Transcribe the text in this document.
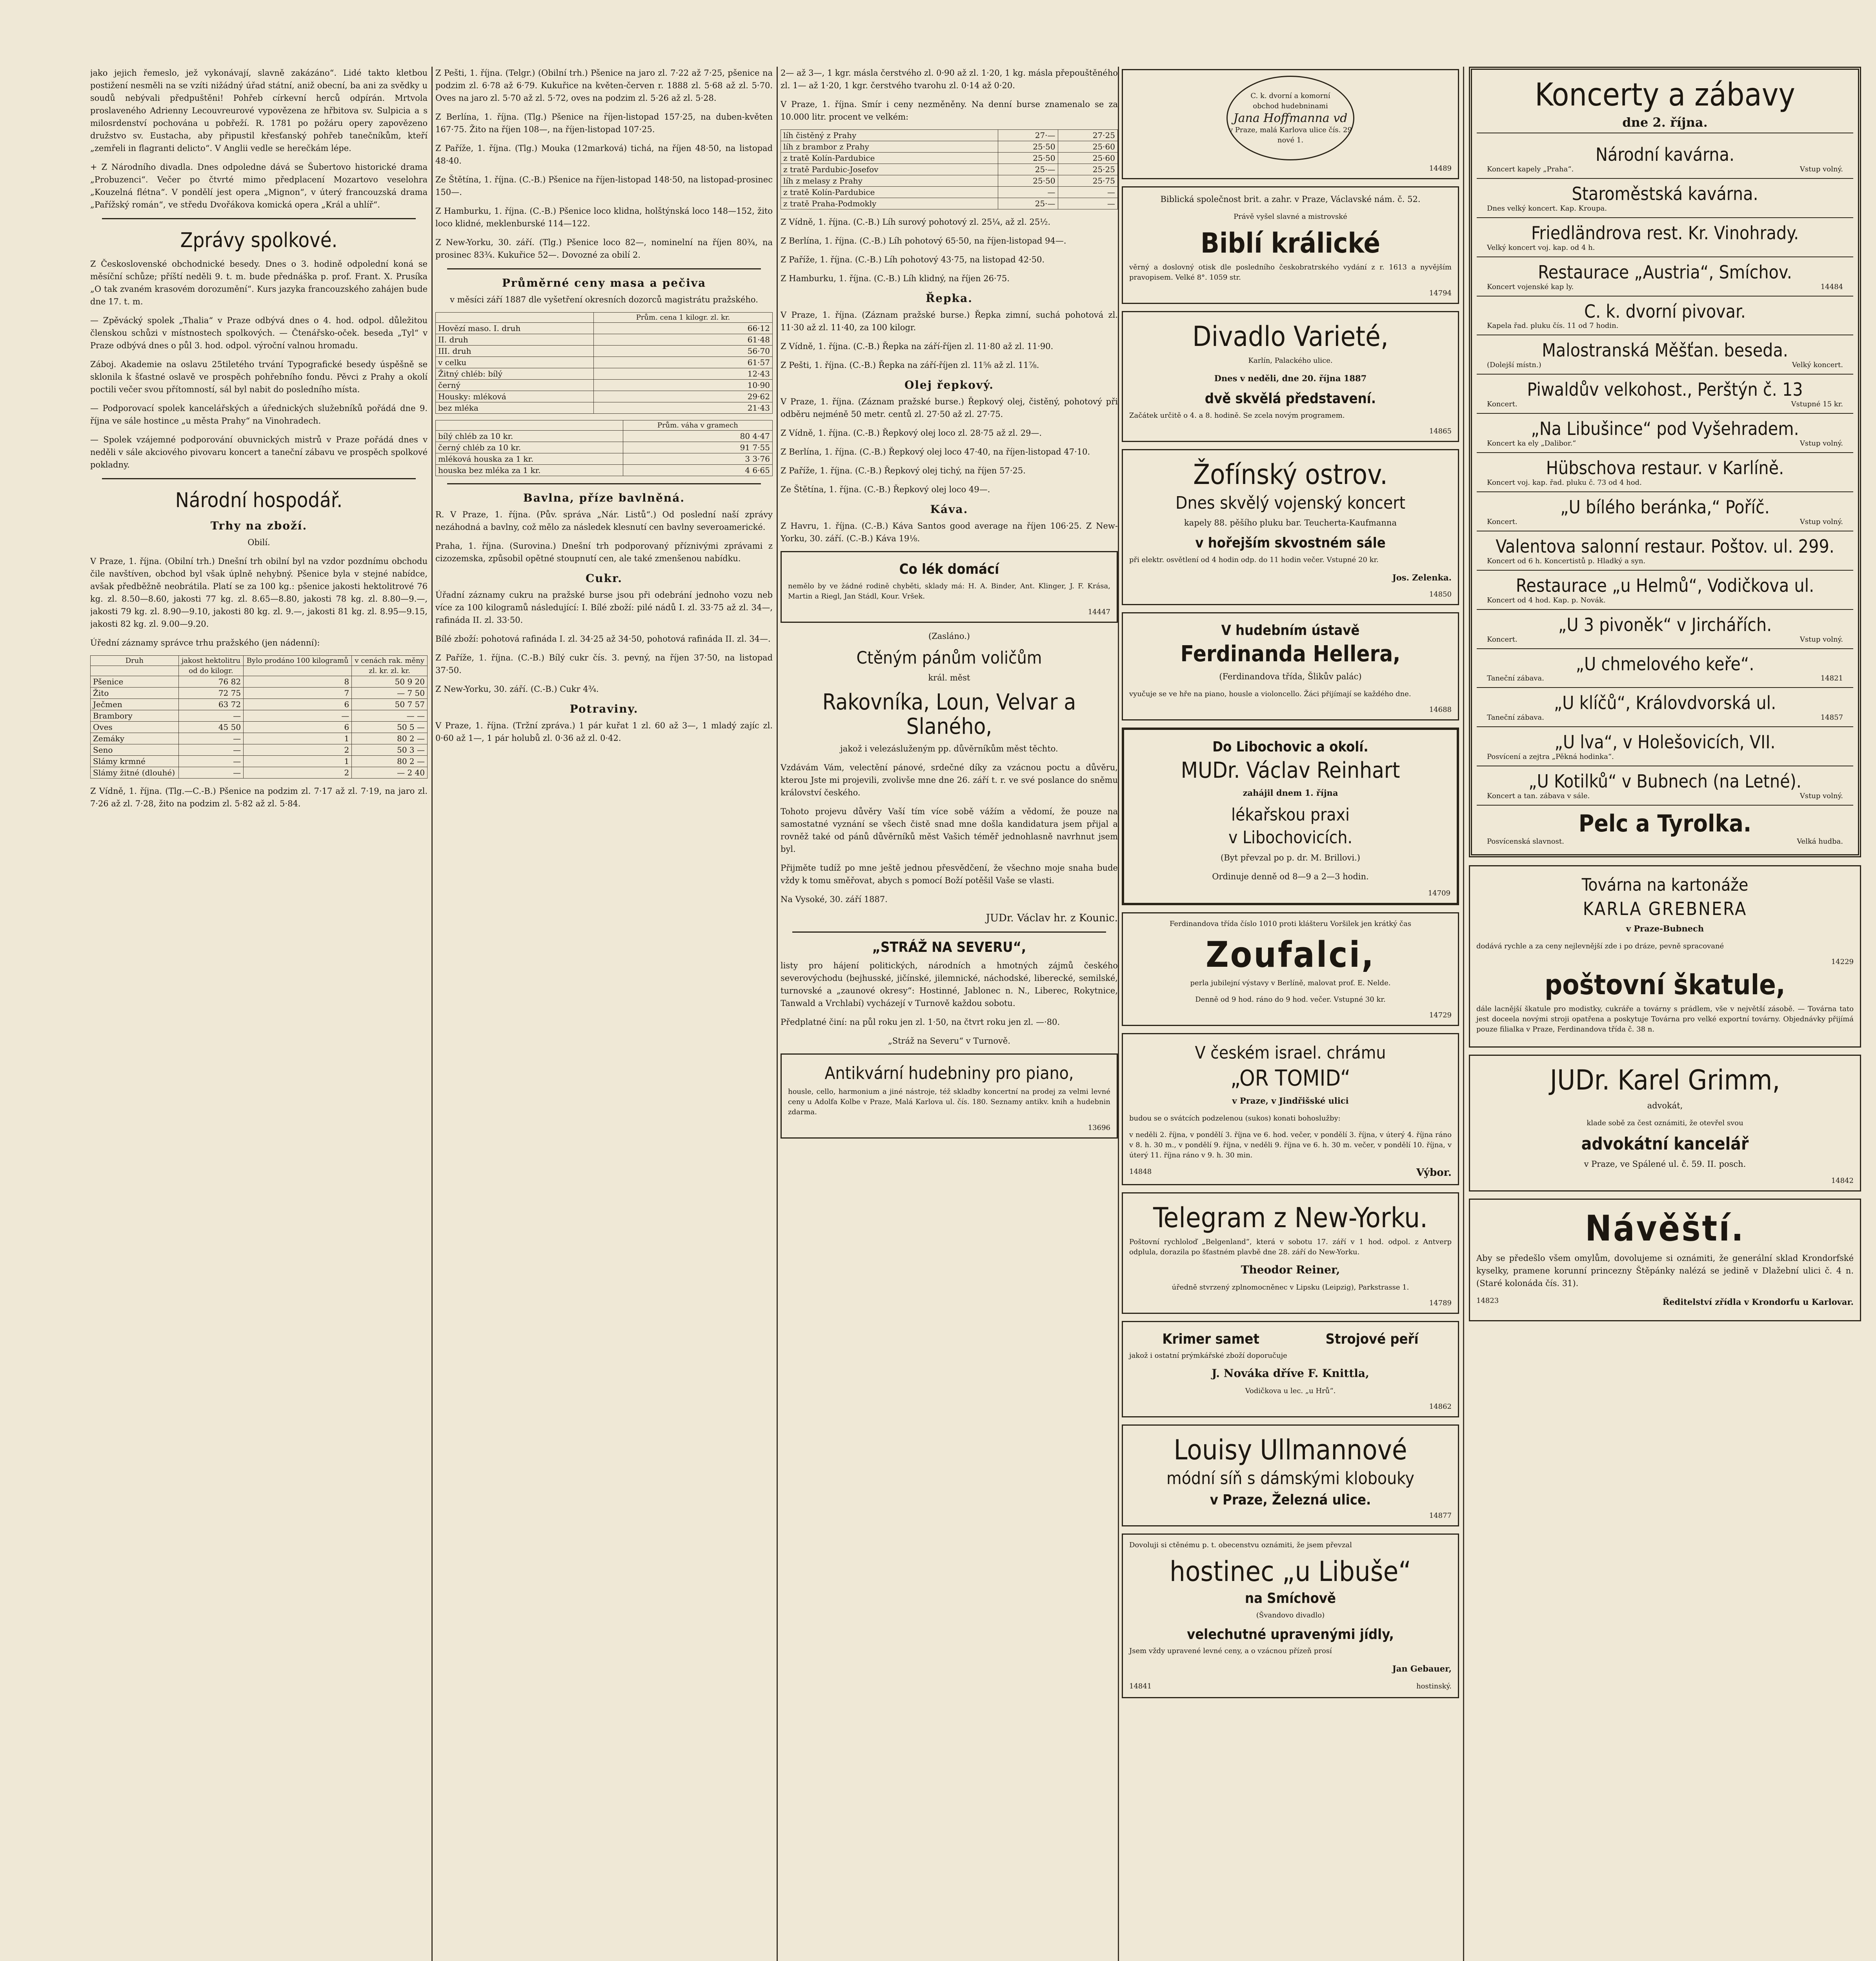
jako jejich řemeslo, jež vykonávají, slavně zakázáno“. Lidé takto kletbou postižení nesměli na se vzíti nižádný úřad státní, aniž obecní, ba ani za svědky u soudů nebývali předpuštěni! Pohřeb církevní herců odpírán. Mrtvola proslaveného Adrienny Lecouvreurové vypovězena ze hřbitova sv. Sulpicia a s milosrdenství pochována u pobřeží. R. 1781 po požáru opery zapovězeno družstvo sv. Eustacha, aby připustil křesťanský pohřeb tanečníkům, kteří „zemřeli in flagranti delicto“. V Anglii vedle se herečkám lépe.

+ Z Národního divadla. Dnes odpoledne dává se Šubertovo historické drama „Probuzenci“. Večer po čtvrté mimo předplacení Mozartovo veselohra „Kouzelná flétna“. V pondělí jest opera „Mignon“, v úterý francouzská drama „Pařížský román“, ve středu Dvořákova komická opera „Král a uhlíř“.

Zprávy spolkové.

Z Československé obchodnické besedy. Dnes o 3. hodině odpolední koná se měsíční schůze; příští neděli 9. t. m. bude přednáška p. prof. Frant. X. Prusíka „O tak zvaném krasovém dorozumění“. Kurs jazyka francouzského zahájen bude dne 17. t. m.

— Zpěvácký spolek „Thalia“ v Praze odbývá dnes o 4. hod. odpol. důležitou členskou schůzi v místnostech spolkových. — Čtenářsko-oček. beseda „Tyl“ v Praze odbývá dnes o půl 3. hod. odpol. výroční valnou hromadu.

Záboj. Akademie na oslavu 25tiletého trvání Typografické besedy úspěšně se sklonila k šťastné oslavě ve prospěch pohřebního fondu. Pěvci z Prahy a okolí poctili večer svou přítomností, sál byl nabit do posledního místa.

— Podporovací spolek kancelářských a úřednických služebníků pořádá dne 9. října ve sále hostince „u města Prahy“ na Vinohradech.

— Spolek vzájemné podporování obuvnických mistrů v Praze pořádá dnes v neděli v sále akciového pivovaru koncert a taneční zábavu ve prospěch spolkové pokladny.

Národní hospodář.
Trhy na zboží.

Obilí.

V Praze, 1. října. (Obilní trh.) Dnešní trh obilní byl na vzdor pozdnímu obchodu čile navštíven, obchod byl však úplně nehybný. Pšenice byla v stejné nabídce, avšak předběžně neobrátila. Platí se za 100 kg.: pšenice jakosti hektolitrové 76 kg. zl. 8.50—8.60, jakosti 77 kg. zl. 8.65—8.80, jakosti 78 kg. zl. 8.80—9.—, jakosti 79 kg. zl. 8.90—9.10, jakosti 80 kg. zl. 9.—, jakosti 81 kg. zl. 8.95—9.15, jakosti 82 kg. zl. 9.00—9.20.

Úřední záznamy správce trhu pražského (jen nádenní):

Druh	jakost hektolitru	Bylo prodáno 100 kilogramů	v cenách rak. měny
	od do kilogr.		zl. kr. zl. kr.
Pšenice	76 82	8	50 9 20
Žito	72 75	7	— 7 50
Ječmen	63 72	6	50 7 57
Brambory	—	—	— —
Oves	45 50	6	50 5 —
Zemáky	—	1	80 2 —
Seno	—	2	50 3 —
Slámy krmné	—	1	80 2 —
Slámy žitné (dlouhé)	—	2	— 2 40

Z Vídně, 1. října. (Tlg.—C.-B.) Pšenice na podzim zl. 7·17 až zl. 7·19, na jaro zl. 7·26 až zl. 7·28, žito na podzim zl. 5·82 až zl. 5·84.

Z Pešti, 1. října. (Telgr.) (Obilní trh.) Pšenice na jaro zl. 7·22 až 7·25, pšenice na podzim zl. 6·78 až 6·79. Kukuřice na květen-červen r. 1888 zl. 5·68 až zl. 5·70. Oves na jaro zl. 5·70 až zl. 5·72, oves na podzim zl. 5·26 až zl. 5·28.

Z Berlína, 1. října. (Tlg.) Pšenice na říjen-listopad 157·25, na duben-květen 167·75. Žito na říjen 108—, na říjen-listopad 107·25.

Z Paříže, 1. října. (Tlg.) Mouka (12marková) tichá, na říjen 48·50, na listopad 48·40.

Ze Štětína, 1. října. (C.-B.) Pšenice na říjen-listopad 148·50, na listopad-prosinec 150—.

Z Hamburku, 1. října. (C.-B.) Pšenice loco klidna, holštýnská loco 148—152, žito loco klidné, meklenburské 114—122.

Z New-Yorku, 30. září. (Tlg.) Pšenice loco 82—, nominelní na říjen 80¾, na prosinec 83¾. Kukuřice 52—. Dovozné za obilí 2.

Průměrné ceny masa a pečiva

v měsíci září 1887 dle vyšetření okresních dozorců magistrátu pražského.

	Prům. cena 1 kilogr. zl. kr.
Hovězí maso. I. druh	66·12
II. druh	61·48
III. druh	56·70
v celku	61·57
Žitný chléb: bílý	12·43
černý	10·90
Housky: mléková	29·62
bez mléka	21·43
	Prům. váha v gramech
bílý chléb za 10 kr.	80 4·47
černý chléb za 10 kr.	91 7·55
mléková houska za 1 kr.	3 3·76
houska bez mléka za 1 kr.	4 6·65
Bavlna, příze bavlněná.

R. V Praze, 1. října. (Pův. správa „Nár. Listů“.) Od poslední naší zprávy nezáhodná a bavlny, což mělo za následek klesnutí cen bavlny severoamerické.

Praha, 1. října. (Surovina.) Dnešní trh podporovaný příznivými zprávami z cizozemska, způsobil opětné stoupnutí cen, ale také zmenšenou nabídku.

Cukr.

Úřadní záznamy cukru na pražské burse jsou při odebrání jednoho vozu neb více za 100 kilogramů následující: I. Bílé zboží: pilé nádů I. zl. 33·75 až zl. 34—, rafináda II. zl. 33·50.

Bílé zboží: pohotová rafináda I. zl. 34·25 až 34·50, pohotová rafináda II. zl. 34—.

Z Paříže, 1. října. (C.-B.) Bílý cukr čís. 3. pevný, na říjen 37·50, na listopad 37·50.

Z New-Yorku, 30. září. (C.-B.) Cukr 4¾.

Potraviny.

V Praze, 1. října. (Tržní zpráva.) 1 pár kuřat 1 zl. 60 až 3—, 1 mladý zajíc zl. 0·60 až 1—, 1 pár holubů zl. 0·36 až zl. 0·42.

2— až 3—, 1 kgr. másla čerstvého zl. 0·90 až zl. 1·20, 1 kg. másla přepouštěného zl. 1— až 1·20, 1 kgr. čerstvého tvarohu zl. 0·14 až 0·20.

V Praze, 1. října. Smír i ceny nezměněny. Na denní burse znamenalo se za 10.000 litr. procent ve velkém:

líh čistěný z Prahy	27·—	27·25
líh z brambor z Prahy	25·50	25·60
z tratě Kolín-Pardubice	25·50	25·60
z tratě Pardubic-Josefov	25·—	25·25
líh z melasy z Prahy	25·50	25·75
z tratě Kolín-Pardubice	—	—
z tratě Praha-Podmokly	25·—	—

Z Vídně, 1. října. (C.-B.) Líh surový pohotový zl. 25¼, až zl. 25½.

Z Berlína, 1. října. (C.-B.) Líh pohotový 65·50, na říjen-listopad 94—.

Z Paříže, 1. října. (C.-B.) Líh pohotový 43·75, na listopad 42·50.

Z Hamburku, 1. října. (C.-B.) Líh klidný, na říjen 26·75.

Řepka.

V Praze, 1. října. (Záznam pražské burse.) Řepka zimní, suchá pohotová zl. 11·30 až zl. 11·40, za 100 kilogr.

Z Vídně, 1. října. (C.-B.) Řepka na září-říjen zl. 11·80 až zl. 11·90.

Z Pešti, 1. října. (C.-B.) Řepka na září-říjen zl. 11⅝ až zl. 11⅞.

Olej řepkový.

V Praze, 1. října. (Záznam pražské burse.) Řepkový olej, čistěný, pohotový při odběru nejméně 50 metr. centů zl. 27·50 až zl. 27·75.

Z Vídně, 1. října. (C.-B.) Řepkový olej loco zl. 28·75 až zl. 29—.

Z Berlína, 1. října. (C.-B.) Řepkový olej loco 47·40, na říjen-listopad 47·10.

Z Paříže, 1. října. (C.-B.) Řepkový olej tichý, na říjen 57·25.

Ze Štětína, 1. října. (C.-B.) Řepkový olej loco 49—.

Káva.

Z Havru, 1. října. (C.-B.) Káva Santos good average na říjen 106·25. Z New-Yorku, 30. září. (C.-B.) Káva 19⅛.

Co lék domácí

nemělo by ve žádné rodině chyběti, sklady má: H. A. Binder, Ant. Klinger, J. F. Krása, Martin a Riegl, Jan Stádl, Kour. Vršek.

14447

(Zasláno.)

Ctěným pánům voličům

král. měst

Rakovníka, Loun, Velvar a Slaného,

jakož i velezásluženým pp. důvěrníkům měst těchto.

Vzdávám Vám, velectění pánové, srdečné díky za vzácnou poctu a důvěru, kterou Jste mi projevili, zvolivše mne dne 26. září t. r. ve své poslance do sněmu království českého.

Tohoto projevu důvěry Vaší tím více sobě vážím a vědomí, že pouze na samostatné vyznání se všech čistě snad mne došla kandidatura jsem přijal a rovněž také od pánů důvěrníků měst Vašich téměř jednohlasně navrhnut jsem byl.

Přijměte tudíž po mne ještě jednou přesvědčení, že všechno moje snaha bude vždy k tomu směřovat, abych s pomocí Boží potěšil Vaše se vlasti.

Na Vysoké, 30. září 1887.

JUDr. Václav hr. z Kounic.

„STRÁŽ NA SEVERU“,

listy pro hájení politických, národních a hmotných zájmů českého severovýchodu (bejhusské, jičínské, jilemnické, náchodské, liberecké, semilské, turnovské a „zaunové okresy“: Hostinné, Jablonec n. N., Liberec, Rokytnice, Tanwald a Vrchlabí) vycházejí v Turnově každou sobotu.

Předplatné činí: na půl roku jen zl. 1·50, na čtvrt roku jen zl. —·80.

„Stráž na Severu“ v Turnově.

Antikvární hudebniny pro piano,

housle, cello, harmonium a jiné nástroje, též skladby koncertní na prodej za velmi levné ceny u Adolfa Kolbe v Praze, Malá Karlova ul. čís. 180. Seznamy antikv. knih a hudebnin zdarma.

13696
C. k. dvorní a komorní
obchod hudebninami
Jana Hoffmanna vd
v Praze, malá Karlova ulice čís. 29 nové 1.
14489

Biblická společnost brit. a zahr. v Praze, Václavské nám. č. 52.

Právě vyšel slavné a mistrovské

Biblí králické

věrný a doslovný otisk dle posledního českobratrského vydání z r. 1613 a nyvějším pravopisem. Velké 8°. 1059 str.

14794
Divadlo Varieté,

Karlín, Palackého ulice.

Dnes v neděli, dne 20. října 1887

dvě skvělá představení.

Začátek určitě o 4. a 8. hodině. Se zcela novým programem.

14865
Žofínský ostrov.
Dnes skvělý vojenský koncert

kapely 88. pěšího pluku bar. Teucherta-Kaufmanna

v hořejším skvostném sále

při elektr. osvětlení od 4 hodin odp. do 11 hodin večer. Vstupné 20 kr.

Jos. Zelenka.

14850
V hudebním ústavě
Ferdinanda Hellera,

(Ferdinandova třída, Šlikův palác)

vyučuje se ve hře na piano, housle a violoncello. Žáci přijímají se každého dne.

14688
Do Libochovic a okolí.
MUDr. Václav Reinhart

zahájil dnem 1. října

lékařskou praxi
v Libochovicích.

(Byt převzal po p. dr. M. Brillovi.)

Ordinuje denně od 8—9 a 2—3 hodin.

14709

Ferdinandova třída číslo 1010 proti klášteru Voršilek jen krátký čas

Zoufalci,

perla jubilejní výstavy v Berlíně, malovat prof. E. Nelde.

Denně od 9 hod. ráno do 9 hod. večer. Vstupné 30 kr.

14729
V českém israel. chrámu
„OR TOMID“

v Praze, v Jindřišské ulici

budou se o svátcích podzelenou (sukos) konati bohoslužby:

v neděli 2. října, v pondělí 3. října ve 6. hod. večer, v pondělí 3. října, v úterý 4. října ráno v 8. h. 30 m., v pondělí 9. října, v neděli 9. října ve 6. h. 30 m. večer, v pondělí 10. října, v úterý 11. října ráno v 9. h. 30 min.

14848	Výbor.
Telegram z New-Yorku.

Poštovní rychloloď „Belgenland“, která v sobotu 17. září v 1 hod. odpol. z Antverp odplula, dorazila po šťastném plavbě dne 28. září do New-Yorku.

Theodor Reiner,

úředně stvrzený zplnomocněnec v Lipsku (Leipzig), Parkstrasse 1.

14789
Krimer samet	Strojové peří

jakož i ostatní prýmkářské zboží doporučuje

J. Nováka dříve F. Knittla,

Vodičkova u lec. „u Hrů“.

14862
Louisy Ullmannové
módní síň s dámskými klobouky
v Praze, Železná ulice.
14877

Dovoluji si ctěnému p. t. obecenstvu oznámiti, že jsem převzal

hostinec „u Libuše“
na Smíchově

(Švandovo divadlo)

velechutné upravenými jídly,

Jsem vždy upravené levné ceny, a o vzácnou přízeň prosí

Jan Gebauer,

14841	hostinský.
Koncerty a zábavy

dne 2. října.

Národní kavárna.
Koncert kapely „Praha“.	Vstup volný.
Staroměstská kavárna.
Dnes velký koncert. Kap. Kroupa.
Friedländrova rest. Kr. Vinohrady.
Velký koncert voj. kap. od 4 h.
Restaurace „Austria“, Smíchov.
Koncert vojenské kap ly.	14484
C. k. dvorní pivovar.
Kapela řad. pluku čís. 11 od 7 hodin.
Malostranská Měšťan. beseda.
(Dolejší místn.)	Velký koncert.
Piwaldův velkohost., Perštýn č. 13
Koncert.	Vstupné 15 kr.
„Na Libušince“ pod Vyšehradem.
Koncert ka ely „Dalibor.“	Vstup volný.
Hübschova restaur. v Karlíně.
Koncert voj. kap. řad. pluku č. 73 od 4 hod.
„U bílého beránka,“ Poříč.
Koncert.	Vstup volný.
Valentova salonní restaur. Poštov. ul. 299.
Koncert od 6 h. Koncertistů p. Hladký a syn.
Restaurace „u Helmů“, Vodičkova ul.
Koncert od 4 hod. Kap. p. Novák.
„U 3 pivoněk“ v Jirchářích.
Koncert.	Vstup volný.
„U chmelového keře“.
Taneční zábava.	14821
„U klíčů“, Královdvorská ul.
Taneční zábava.	14857
„U lva“, v Holešovicích, VII.
Posvícení a zejtra „Pěkná hodinka“.
„U Kotilků“ v Bubnech (na Letné).
Koncert a tan. zábava v sále.	Vstup volný.
Pelc a Tyrolka.
Posvícenská slavnost.	Velká hudba.
Továrna na kartonáže
KARLA GREBNERA

v Praze-Bubnech

dodává rychle a za ceny nejlevnější zde i po dráze, pevně spracované

14229
poštovní škatule,

dále lacnější škatule pro modistky, cukráře a továrny s prádlem, vše v největší zásobě. — Továrna tato jest doceela novými stroji opatřena a poskytuje Továrna pro velké exportní továrny. Objednávky přijímá pouze filialka v Praze, Ferdinandova třída č. 38 n.

JUDr. Karel Grimm,

advokát,

klade sobě za čest oznámiti, že otevřel svou

advokátní kancelář

v Praze, ve Spálené ul. č. 59. II. posch.

14842
Návěští.

Aby se předešlo všem omylům, dovolujeme si oznámiti, že generální sklad Krondorfské kyselky, pramene korunní princezny Štěpánky nalézá se jedině v Dlažební ulici č. 4 n. (Staré kolonáda čís. 31).

14823	Ředitelství zřídla v Krondorfu u Karlovar.
